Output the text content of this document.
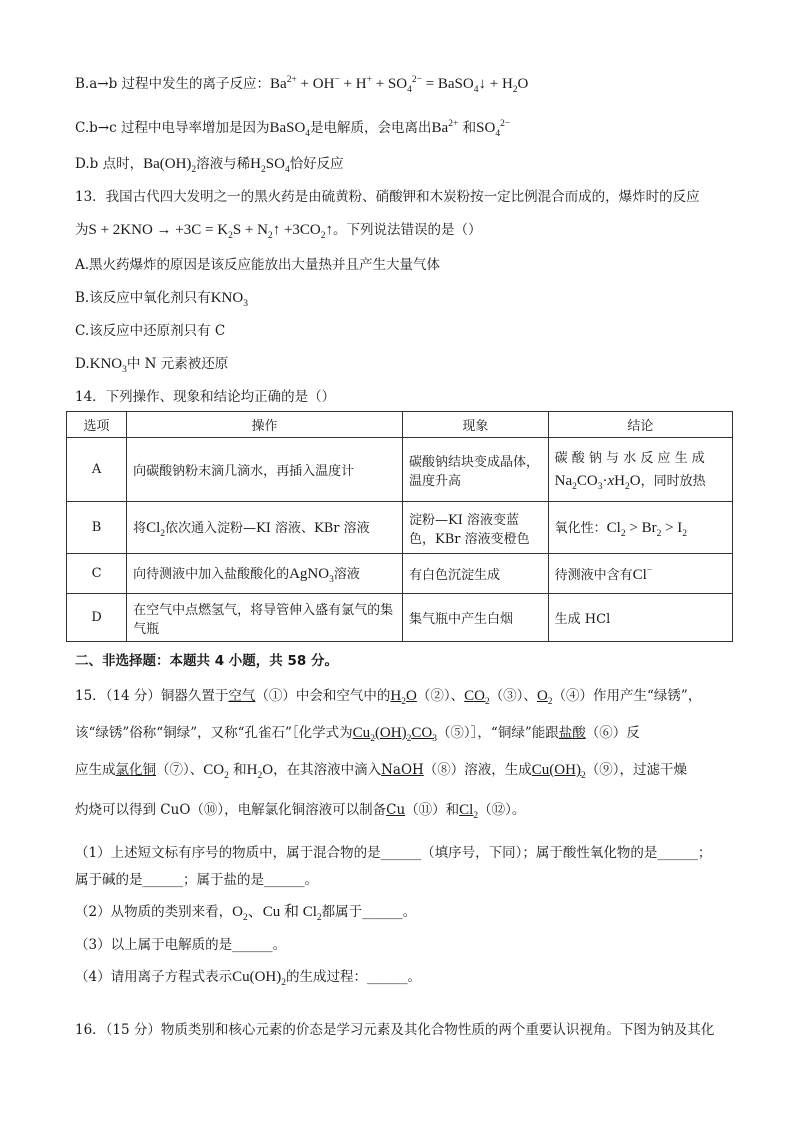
B.a→b 过程中发生的离子反应：$Ba^{2+} + OH^- + H^+ + SO_4^{2-}$ = BaSO$_4$↓ + $H_2O$
C.b→c 过程中电导率增加是因为BaSO$_4$是电解质，会电离出$Ba^{2+}$ 和$SO_4^{2-}$
D.b 点时，$Ba(OH)_2$溶液与稀$H_2SO_4$恰好反应
13．我国古代四大发明之一的黑火药是由硫黄粉、硝酸钾和木炭粉按一定比例混合而成的，爆炸时的反应
为$S + 2KNO \to +3C = K_2S$ + $N_2↑$ $+3CO_2↑$。下列说法错误的是（）
A.黑火药爆炸的原因是该反应能放出大量热并且产生大量气体
B.该反应中氧化剂只有$KNO_3$
C.该反应中还原剂只有 C
$D.KNO_3$中 N 元素被还原
14．下列操作、现象和结论均正确的是（）
选项	操作	现象	结论
A	向碳酸钠粉末滴几滴水，再插入温度计	碳酸钠结块变成晶体，温度升高	碳 酸 钠 与 水 反 应 生 成
$Na_2CO_3\cdot xH_2O$，同时放热

B	将$Cl_2$依次通入淀粉—KI 溶液、KBr 溶液	淀粉—KI 溶液变蓝色，KBr 溶液变橙色	氧化性：$Cl_2 > Br_2 > I_2$
C	向待测液中加入盐酸酸化的AgNO$_3$溶液	有白色沉淀生成	待测液中含有Cl−
D	在空气中点燃氢气，将导管伸入盛有氯气的集气瓶	集气瓶中产生白烟	生成 HCl
二、非选择题：本题共 4 小题，共 58 分。
15．（14 分）铜器久置于空气（①）中会和空气中的$H_2O(②)$、$CO_2(③)$、$O_2(④)$作用产生“绿锈”，
该“绿锈”俗称“铜绿”，又称“孔雀石”［化学式为$Cu_2(OH)_2CO_3(⑤)]$，“铜绿”能跟盐酸（⑥）反
应生成氯化铜（⑦）、$CO_2$ 和$H_2O$，在其溶液中滴入NaOH（⑧）溶液，生成$Cu(OH)_2(⑨)$，过滤干燥
灼烧可以得到 CuO（⑩），电解氯化铜溶液可以制备Cu（⑪）和$Cl_2(⑫)$。
（1）上述短文标有序号的物质中，属于混合物的是______（填序号，下同）；属于酸性氧化物的是______；
属于碱的是______；属于盐的是______。
（2）从物质的类别来看，$O_2$、Cu 和 $Cl_2$都属于______。
（3）以上属于电解质的是______。
（4）请用离子方程式表示$Cu(OH)_2$的生成过程：______。
16．（15 分）物质类别和核心元素的价态是学习元素及其化合物性质的两个重要认识视角。下图为钠及其化
